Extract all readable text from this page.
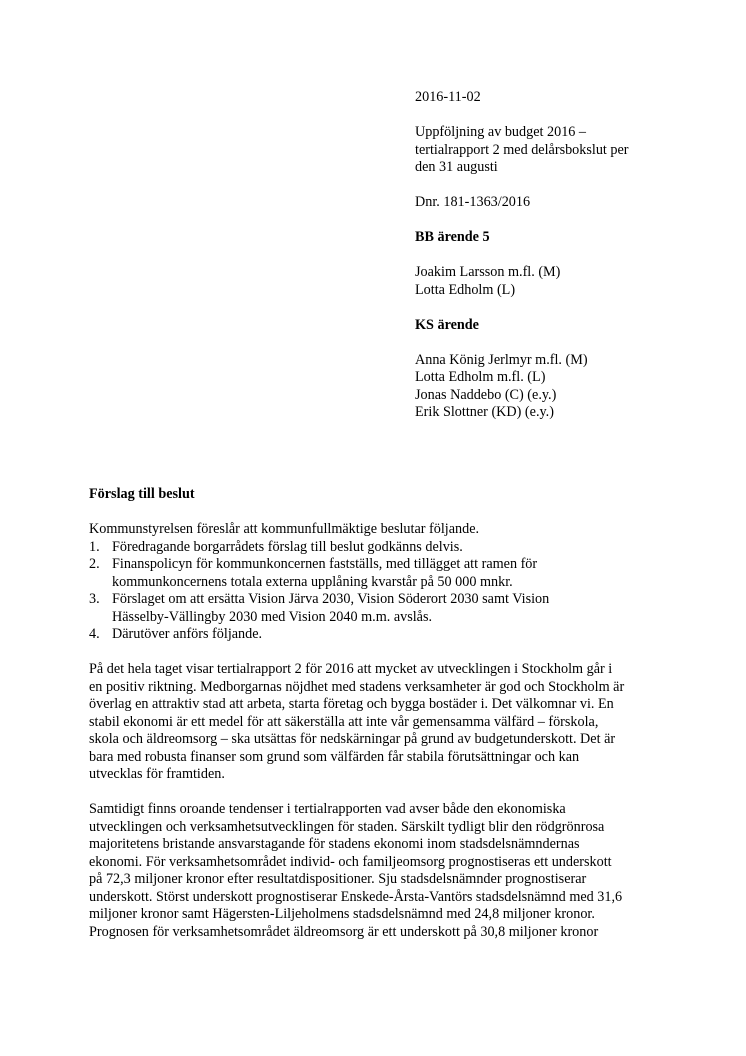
2016-11-02

Uppföljning av budget 2016 –
tertialrapport 2 med delårsbokslut per
den 31 augusti

Dnr. 181-1363/2016

BB ärende 5

Joakim Larsson m.fl. (M)
Lotta Edholm (L)

KS ärende

Anna König Jerlmyr m.fl. (M)
Lotta Edholm m.fl. (L)
Jonas Naddebo (C) (e.y.)
Erik Slottner (KD) (e.y.)

Förslag till beslut

Kommunstyrelsen föreslår att kommunfullmäktige beslutar följande.

1. Föredragande borgarrådets förslag till beslut godkänns delvis.
2. Finanspolicyn för kommunkoncernen fastställs, med tillägget att ramen för
kommunkoncernens totala externa upplåning kvarstår på 50 000 mnkr.
3. Förslaget om att ersätta Vision Järva 2030, Vision Söderort 2030 samt Vision
Hässelby-Vällingby 2030 med Vision 2040 m.m. avslås.
4. Därutöver anförs följande.

På det hela taget visar tertialrapport 2 för 2016 att mycket av utvecklingen i Stockholm går i
en positiv riktning. Medborgarnas nöjdhet med stadens verksamheter är god och Stockholm är
överlag en attraktiv stad att arbeta, starta företag och bygga bostäder i. Det välkomnar vi. En
stabil ekonomi är ett medel för att säkerställa att inte vår gemensamma välfärd – förskola,
skola och äldreomsorg – ska utsättas för nedskärningar på grund av budgetunderskott. Det är
bara med robusta finanser som grund som välfärden får stabila förutsättningar och kan
utvecklas för framtiden.

Samtidigt finns oroande tendenser i tertialrapporten vad avser både den ekonomiska
utvecklingen och verksamhetsutvecklingen för staden. Särskilt tydligt blir den rödgrönrosa
majoritetens bristande ansvarstagande för stadens ekonomi inom stadsdelsnämndernas
ekonomi. För verksamhetsområdet individ- och familjeomsorg prognostiseras ett underskott
på 72,3 miljoner kronor efter resultatdispositioner. Sju stadsdelsnämnder prognostiserar
underskott. Störst underskott prognostiserar Enskede-Årsta-Vantörs stadsdelsnämnd med 31,6
miljoner kronor samt Hägersten-Liljeholmens stadsdelsnämnd med 24,8 miljoner kronor.
Prognosen för verksamhetsområdet äldreomsorg är ett underskott på 30,8 miljoner kronor
